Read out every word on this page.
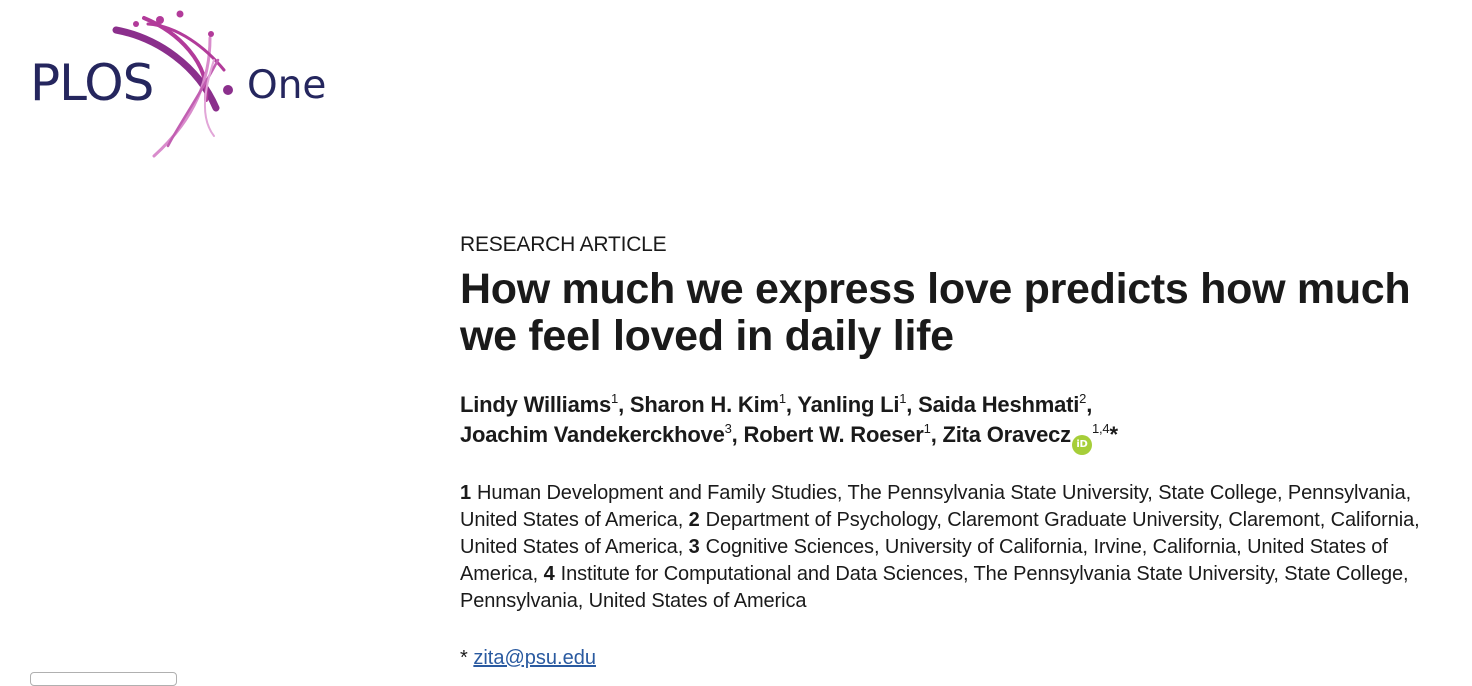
PLOS One

RESEARCH ARTICLE

How much we express love predicts how much we feel loved in daily life
Lindy Williams$^1$, Sharon H. Kim$^1$, Yanling Li$^1$, Saida Heshmati$^2$,
Joachim Vandekerckhove$^3$, Robert W. Roeser$^1$, Zita Oravecz iD$^{1,4}$*
1 Human Development and Family Studies, The Pennsylvania State University, State College, Pennsylvania, United States of America, 2 Department of Psychology, Claremont Graduate University, Claremont, California, United States of America, 3 Cognitive Sciences, University of California, Irvine, California, United States of America, 4 Institute for Computational and Data Sciences, The Pennsylvania State University, State College, Pennsylvania, United States of America
* zita@psu.edu
